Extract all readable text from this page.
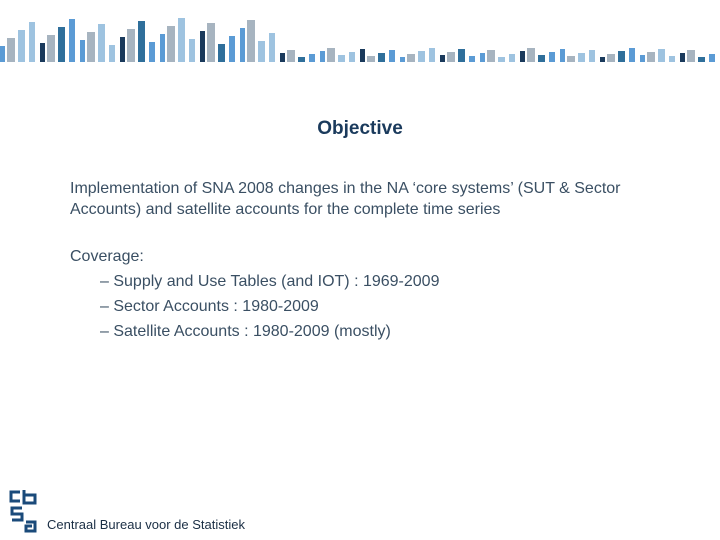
Objective

Implementation of SNA 2008 changes in the NA ‘core systems’ (SUT & Sector Accounts) and satellite accounts for the complete time series

Coverage:

– Supply and Use Tables (and IOT) : 1969-2009
– Sector Accounts : 1980-2009
– Satellite Accounts : 1980-2009 (mostly)
Centraal Bureau voor de Statistiek
